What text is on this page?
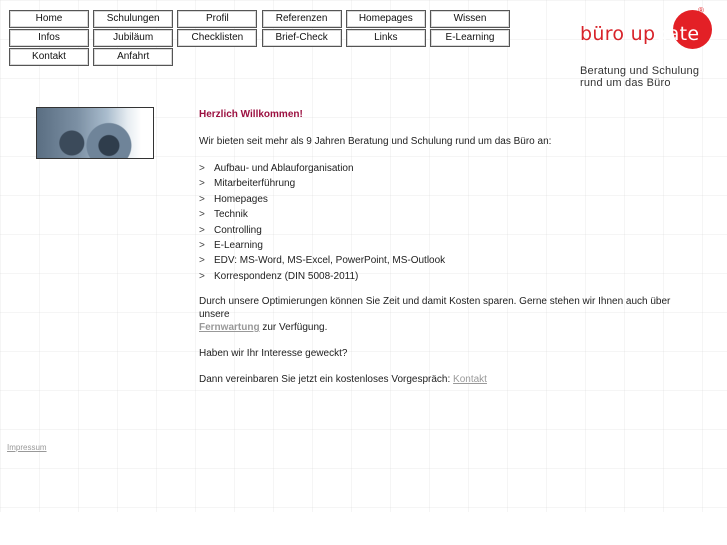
Home	Schulungen	Profil	Referenzen	Homepages	Wissen
Infos	Jubiläum	Checklisten	Brief-Check	Links	E-Learning
Kontakt	Anfahrt
büro update
®
Beratung und Schulung
rund um das Büro

Herzlich Willkommen!

Wir bieten seit mehr als 9 Jahren Beratung und Schulung rund um das Büro an:

> Aufbau- und Ablauforganisation
> Mitarbeiterführung
> Homepages
> Technik
> Controlling
> E-Learning
> EDV: MS-Word, MS-Excel, PowerPoint, MS-Outlook
> Korrespondenz (DIN 5008-2011)

Durch unsere Optimierungen können Sie Zeit und damit Kosten sparen. Gerne stehen wir Ihnen auch über unsere
Fernwartung zur Verfügung.

Haben wir Ihr Interesse geweckt?

Dann vereinbaren Sie jetzt ein kostenloses Vorgespräch: Kontakt

Impressum
